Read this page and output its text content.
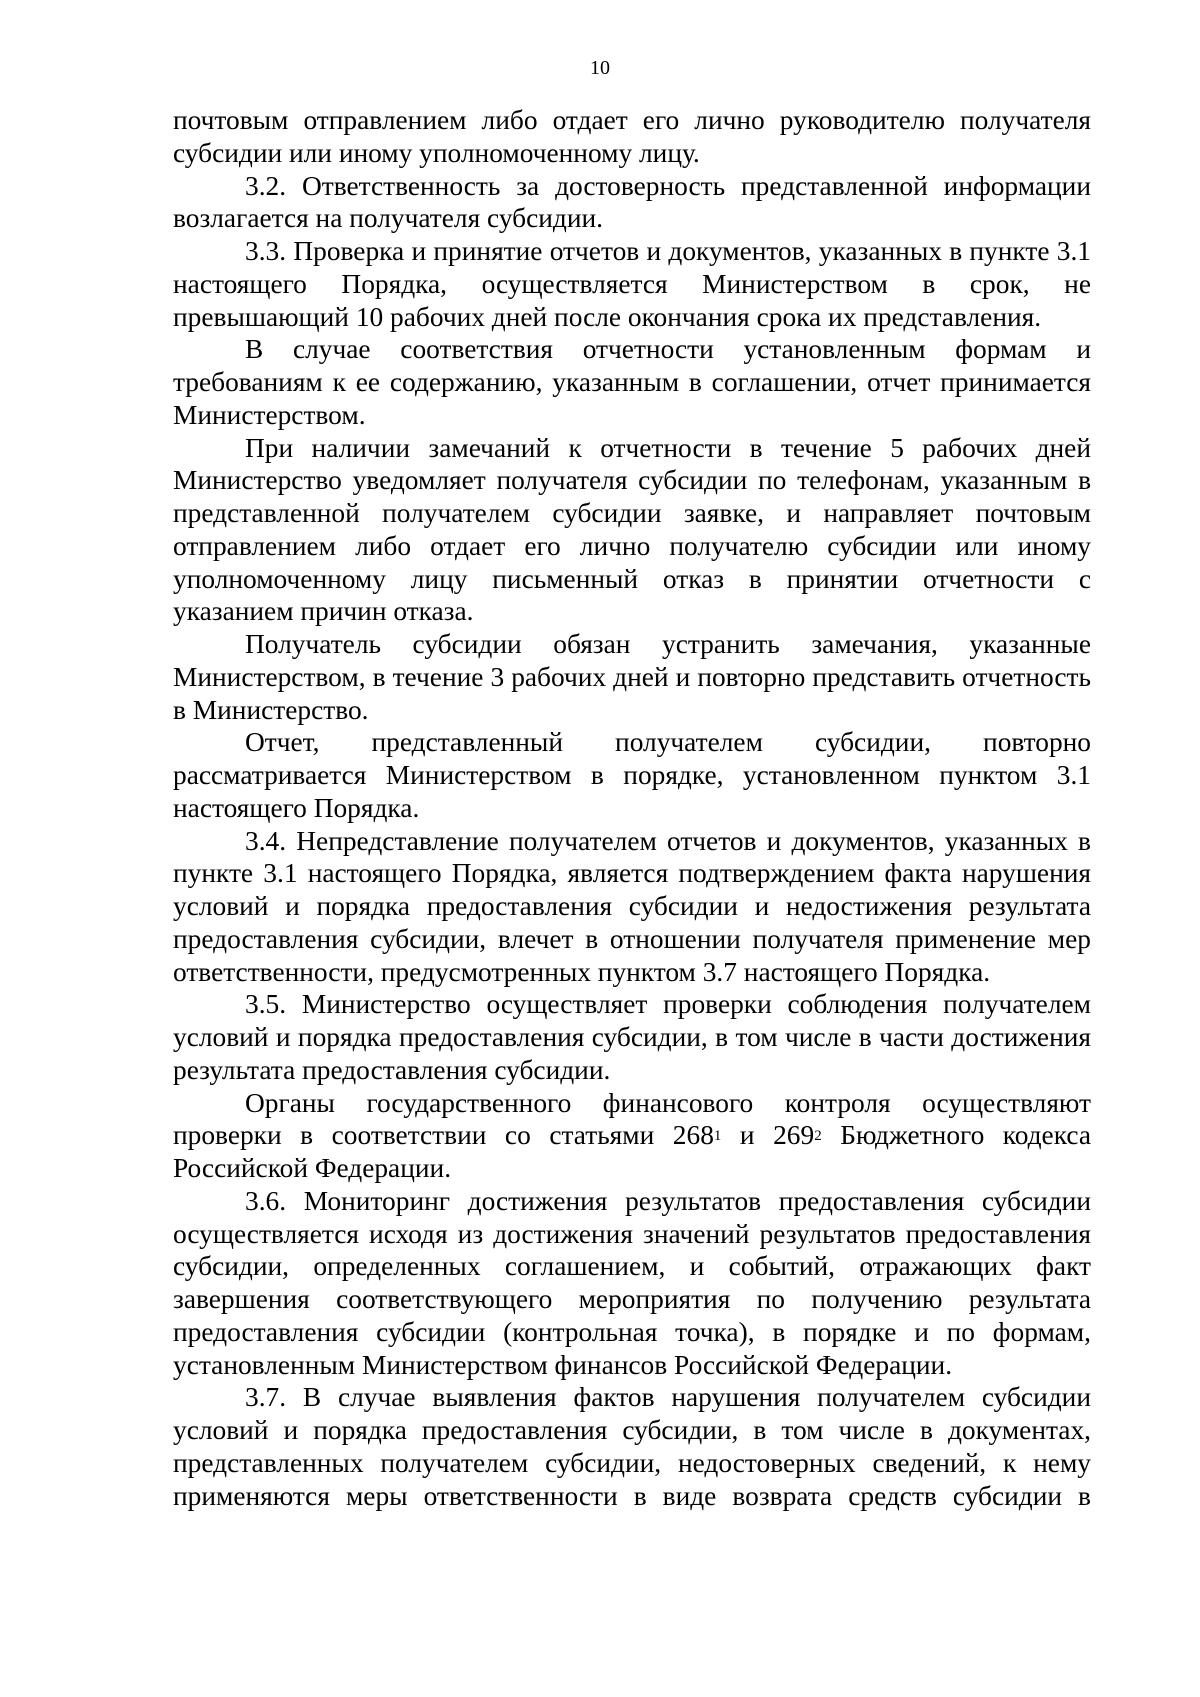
10

почтовым отправлением либо отдает его лично руководителю получателя субсидии или иному уполномоченному лицу.

3.2. Ответственность за достоверность представленной информации возлагается на получателя субсидии.

3.3. Проверка и принятие отчетов и документов, указанных в пункте 3.1 настоящего Порядка, осуществляется Министерством в срок, не превышающий 10 рабочих дней после окончания срока их представления.

В случае соответствия отчетности установленным формам и требованиям к ее содержанию, указанным в соглашении, отчет принимается Министерством.

При наличии замечаний к отчетности в течение 5 рабочих дней Министерство уведомляет получателя субсидии по телефонам, указанным в представленной получателем субсидии заявке, и направляет почтовым отправлением либо отдает его лично получателю субсидии или иному уполномоченному лицу письменный отказ в принятии отчетности с указанием причин отказа.

Получатель субсидии обязан устранить замечания, указанные Министерством, в течение 3 рабочих дней и повторно представить отчетность в Министерство.

Отчет, представленный получателем субсидии, повторно рассматривается Министерством в порядке, установленном пунктом 3.1 настоящего Порядка.

3.4. Непредставление получателем отчетов и документов, указанных в пункте 3.1 настоящего Порядка, является подтверждением факта нарушения условий и порядка предоставления субсидии и недостижения результата предоставления субсидии, влечет в отношении получателя применение мер ответственности, предусмотренных пунктом 3.7 настоящего Порядка.

3.5. Министерство осуществляет проверки соблюдения получателем условий и порядка предоставления субсидии, в том числе в части достижения результата предоставления субсидии.

Органы государственного финансового контроля осуществляют проверки в соответствии со статьями $268^1$ и $269^2$ Бюджетного кодекса Российской Федерации.

3.6. Мониторинг достижения результатов предоставления субсидии осуществляется исходя из достижения значений результатов предоставления субсидии, определенных соглашением, и событий, отражающих факт завершения соответствующего мероприятия по получению результата предоставления субсидии (контрольная точка), в порядке и по формам, установленным Министерством финансов Российской Федерации.

3.7. В случае выявления фактов нарушения получателем субсидии условий и порядка предоставления субсидии, в том числе в документах, представленных получателем субсидии, недостоверных сведений, к нему применяются меры ответственности в виде возврата средств субсидии в
